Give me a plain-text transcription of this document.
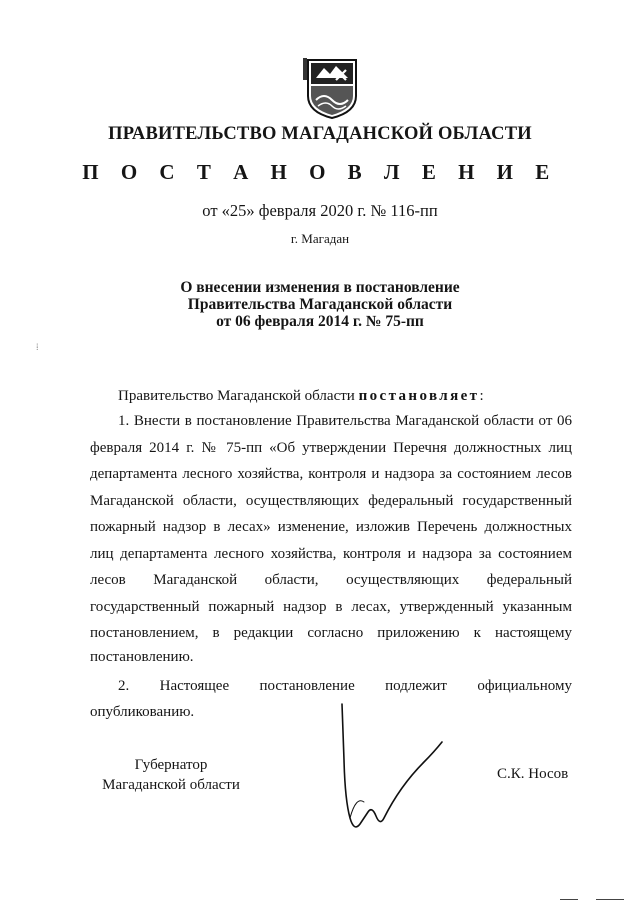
ПРАВИТЕЛЬСТВО МАГАДАНСКОЙ ОБЛАСТИ
П О С Т А Н О В Л Е Н И Е
от «25» февраля 2020 г. № 116-пп
г. Магадан
О внесении изменения в постановление
Правительства Магаданской области
от 06 февраля 2014 г. № 75-пп
⁞
Правительство Магаданской области постановляет:
1. Внести в постановление Правительства Магаданской области от 06 февраля 2014 г. № 75-пп «Об утверждении Перечня должностных лиц департамента лесного хозяйства, контроля и надзора за состоянием лесов Магаданской области, осуществляющих федеральный государственный пожарный надзор в лесах» изменение, изложив Перечень должностных лиц департамента лесного хозяйства, контроля и надзора за состоянием лесов Магаданской области, осуществляющих федеральный государственный пожарный надзор в лесах, утвержденный указанным постановлением, в редакции согласно приложению к настоящему
постановлению.
2. Настоящее постановление подлежит официальному
опубликованию.
Губернатор
Магаданской области
С.К. Носов
